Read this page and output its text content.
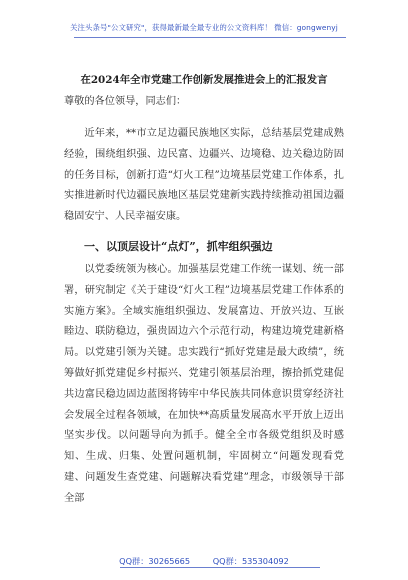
关注头条号"公文研究"，获得最新最全最专业的公文资料库！ 微信：gongwenyj
在2024年全市党建工作创新发展推进会上的汇报发言
尊敬的各位领导，同志们：
近年来，**市立足边疆民族地区实际，总结基层党建成熟经验，围绕组织强、边民富、边疆兴、边境稳、边关稳边防固的任务目标，创新打造“灯火工程”边境基层党建工作体系，扎实推进新时代边疆民族地区基层党建新实践持续推动祖国边疆稳固安宁、人民幸福安康。
一、以顶层设计“点灯”，抓牢组织强边
以党委统领为核心。加强基层党建工作统一谋划、统一部署，研究制定《关于建设“灯火工程”边境基层党建工作体系的实施方案》。全域实施组织强边、发展富边、开放兴边、互嵌睦边、联防稳边，强贵固边六个示范行动，构建边境党建新格局。以党建引领为关键。忠实践行“抓好党建是最大政绩”，统筹做好抓党建促乡村振兴、党建引领基层治理，擦拾抓党建促共边富民稳边固边蓝图将铸牢中华民族共同体意识贯穿经济社会发展全过程各领域，在加快**高质量发展高水平开放上迈出坚实步伐。以问题导向为抓手。健全全市各级党组织及时感知、生成、归集、处置问题机制，牢固树立“问题发现看党建、问题发生查党建、问题解决看党建”理念，市级领导干部全部
QQ群：30265665	QQ群：535304092
